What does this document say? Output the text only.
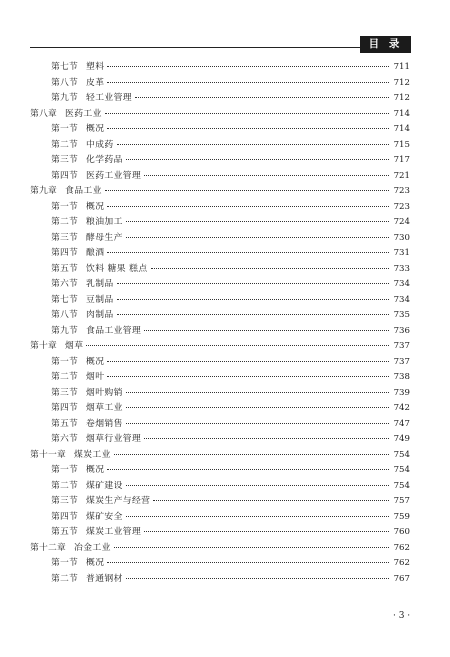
目 录
第七节 塑料	711
第八节 皮革	712
第九节 轻工业管理	712
第八章 医药工业	714
第一节 概况	714
第二节 中成药	715
第三节 化学药品	717
第四节 医药工业管理	721
第九章 食品工业	723
第一节 概况	723
第二节 粮油加工	724
第三节 酵母生产	730
第四节 酿酒	731
第五节 饮料 糖果 糕点	733
第六节 乳制品	734
第七节 豆制品	734
第八节 肉制品	735
第九节 食品工业管理	736
第十章 烟草	737
第一节 概况	737
第二节 烟叶	738
第三节 烟叶购销	739
第四节 烟草工业	742
第五节 卷烟销售	747
第六节 烟草行业管理	749
第十一章 煤炭工业	754
第一节 概况	754
第二节 煤矿建设	754
第三节 煤炭生产与经营	757
第四节 煤矿安全	759
第五节 煤炭工业管理	760
第十二章 冶金工业	762
第一节 概况	762
第二节 普通钢材	767
· 3 ·
